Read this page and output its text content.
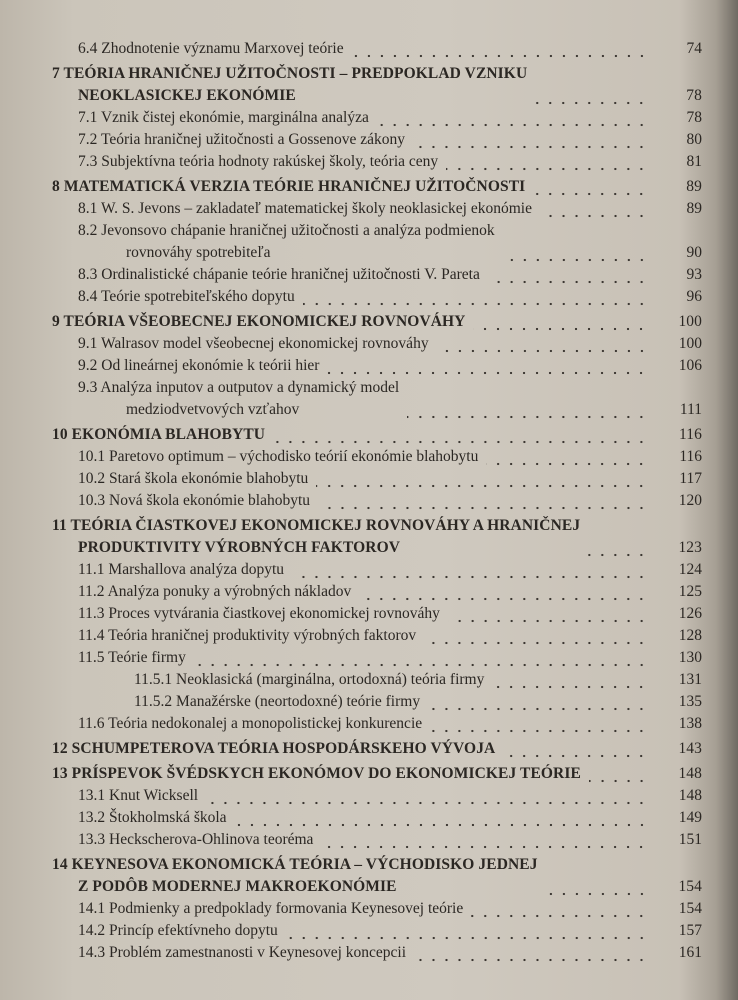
6.4 Zhodnotenie významu Marxovej teórie	74
7 TEÓRIA HRANIČNEJ UŽITOČNOSTI – PREDPOKLAD VZNIKU
NEOKLASICKEJ EKONÓMIE	78
7.1 Vznik čistej ekonómie, marginálna analýza	78
7.2 Teória hraničnej užitočnosti a Gossenove zákony	80
7.3 Subjektívna teória hodnoty rakúskej školy, teória ceny	81
8 MATEMATICKÁ VERZIA TEÓRIE HRANIČNEJ UŽITOČNOSTI	89
8.1 W. S. Jevons – zakladateľ matematickej školy neoklasickej ekonómie	89
8.2 Jevonsovo chápanie hraničnej užitočnosti a analýza podmienok
rovnováhy spotrebiteľa	90
8.3 Ordinalistické chápanie teórie hraničnej užitočnosti V. Pareta	93
8.4 Teórie spotrebiteľského dopytu	96
9 TEÓRIA VŠEOBECNEJ EKONOMICKEJ ROVNOVÁHY	100
9.1 Walrasov model všeobecnej ekonomickej rovnováhy	100
9.2 Od lineárnej ekonómie k teórii hier	106
9.3 Analýza inputov a outputov a dynamický model
medziodvetvových vzťahov	111
10 EKONÓMIA BLAHOBYTU	116
10.1 Paretovo optimum – východisko teórií ekonómie blahobytu	116
10.2 Stará škola ekonómie blahobytu	117
10.3 Nová škola ekonómie blahobytu	120
11 TEÓRIA ČIASTKOVEJ EKONOMICKEJ ROVNOVÁHY A HRANIČNEJ
PRODUKTIVITY VÝROBNÝCH FAKTOROV	123
11.1 Marshallova analýza dopytu	124
11.2 Analýza ponuky a výrobných nákladov	125
11.3 Proces vytvárania čiastkovej ekonomickej rovnováhy	126
11.4 Teória hraničnej produktivity výrobných faktorov	128
11.5 Teórie firmy	130
11.5.1 Neoklasická (marginálna, ortodoxná) teória firmy	131
11.5.2 Manažérske (neortodoxné) teórie firmy	135
11.6 Teória nedokonalej a monopolistickej konkurencie	138
12 SCHUMPETEROVA TEÓRIA HOSPODÁRSKEHO VÝVOJA	143
13 PRÍSPEVOK ŠVÉDSKYCH EKONÓMOV DO EKONOMICKEJ TEÓRIE	148
13.1 Knut Wicksell	148
13.2 Štokholmská škola	149
13.3 Heckscherova-Ohlinova teoréma	151
14 KEYNESOVA EKONOMICKÁ TEÓRIA – VÝCHODISKO JEDNEJ
Z PODÔB MODERNEJ MAKROEKONÓMIE	154
14.1 Podmienky a predpoklady formovania Keynesovej teórie	154
14.2 Princíp efektívneho dopytu	157
14.3 Problém zamestnanosti v Keynesovej koncepcii	161
